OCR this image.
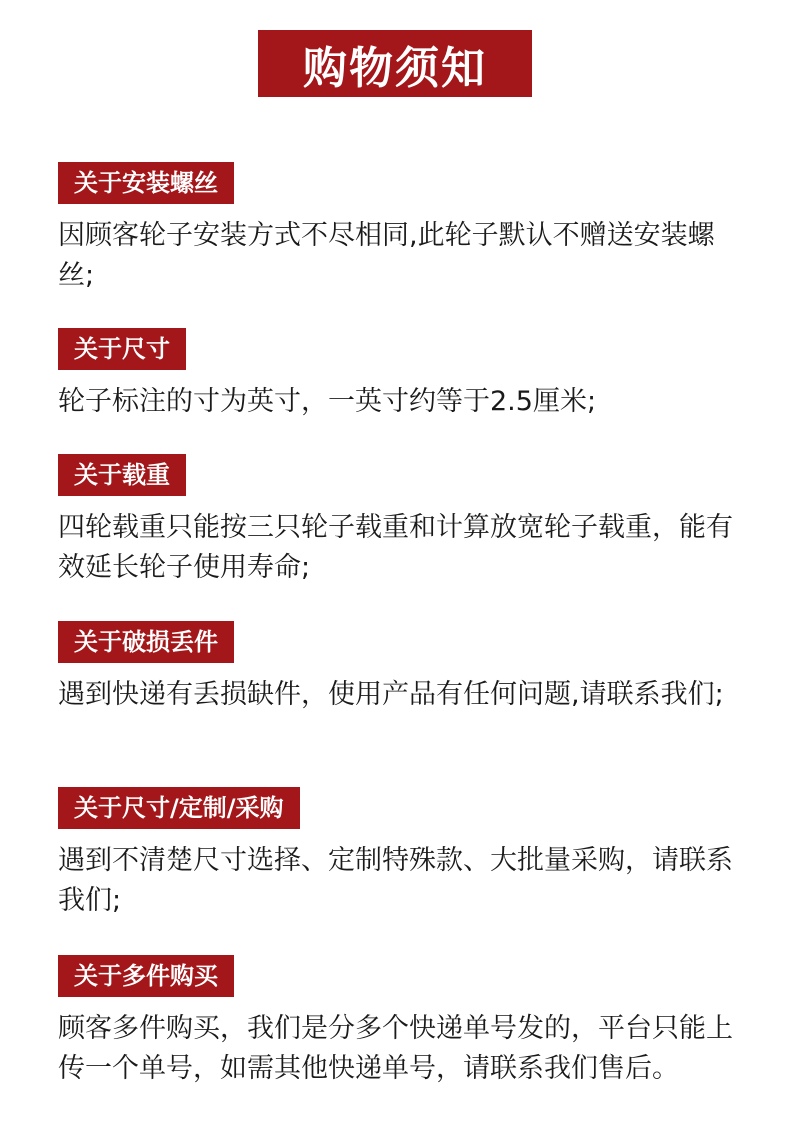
购物须知
关于安装螺丝
因顾客轮子安装方式不尽相同,此轮子默认不赠送安装螺丝;
关于尺寸
轮子标注的寸为英寸，一英寸约等于2.5厘米;
关于载重
四轮载重只能按三只轮子载重和计算放宽轮子载重，能有效延长轮子使用寿命;
关于破损丢件
遇到快递有丢损缺件，使用产品有任何问题,请联系我们;
关于尺寸/定制/采购
遇到不清楚尺寸选择、定制特殊款、大批量采购，请联系我们;
关于多件购买
顾客多件购买，我们是分多个快递单号发的，平台只能上传一个单号，如需其他快递单号，请联系我们售后。
